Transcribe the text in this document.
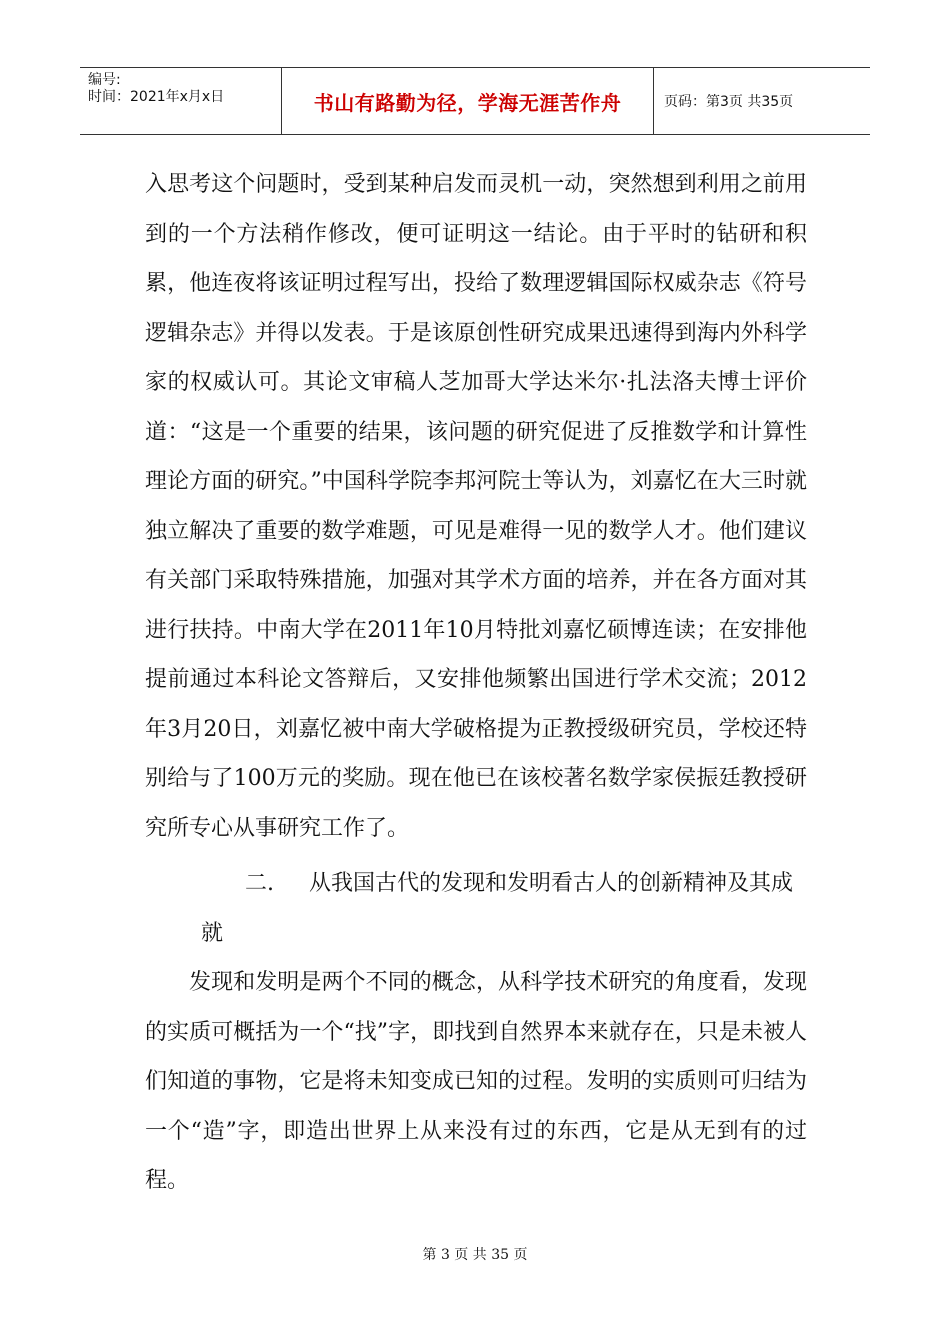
编号:
时间：2021年x月x日	书山有路勤为径，学海无涯苦作舟	页码：第3页 共35页

入思考这个问题时，受到某种启发而灵机一动，突然想到利用之前用到的一个方法稍作修改，便可证明这一结论。由于平时的钻研和积累，他连夜将该证明过程写出，投给了数理逻辑国际权威杂志《符号逻辑杂志》并得以发表。于是该原创性研究成果迅速得到海内外科学家的权威认可。其论文审稿人芝加哥大学达米尔·扎法洛夫博士评价道：“这是一个重要的结果，该问题的研究促进了反推数学和计算性理论方面的研究。”中国科学院李邦河院士等认为，刘嘉忆在大三时就独立解决了重要的数学难题，可见是难得一见的数学人才。他们建议有关部门采取特殊措施，加强对其学术方面的培养，并在各方面对其进行扶持。中南大学在2011年10月特批刘嘉忆硕博连读；在安排他提前通过本科论文答辩后，又安排他频繁出国进行学术交流；2012年3月20日，刘嘉忆被中南大学破格提为正教授级研究员，学校还特别给与了100万元的奖励。现在他已在该校著名数学家侯振廷教授研究所专心从事研究工作了。

二. 从我国古代的发现和发明看古人的创新精神及其成
就

发现和发明是两个不同的概念，从科学技术研究的角度看，发现的实质可概括为一个“找”字，即找到自然界本来就存在，只是未被人们知道的事物，它是将未知变成已知的过程。发明的实质则可归结为一个“造”字，即造出世界上从来没有过的东西，它是从无到有的过程。

第 3 页 共 35 页
